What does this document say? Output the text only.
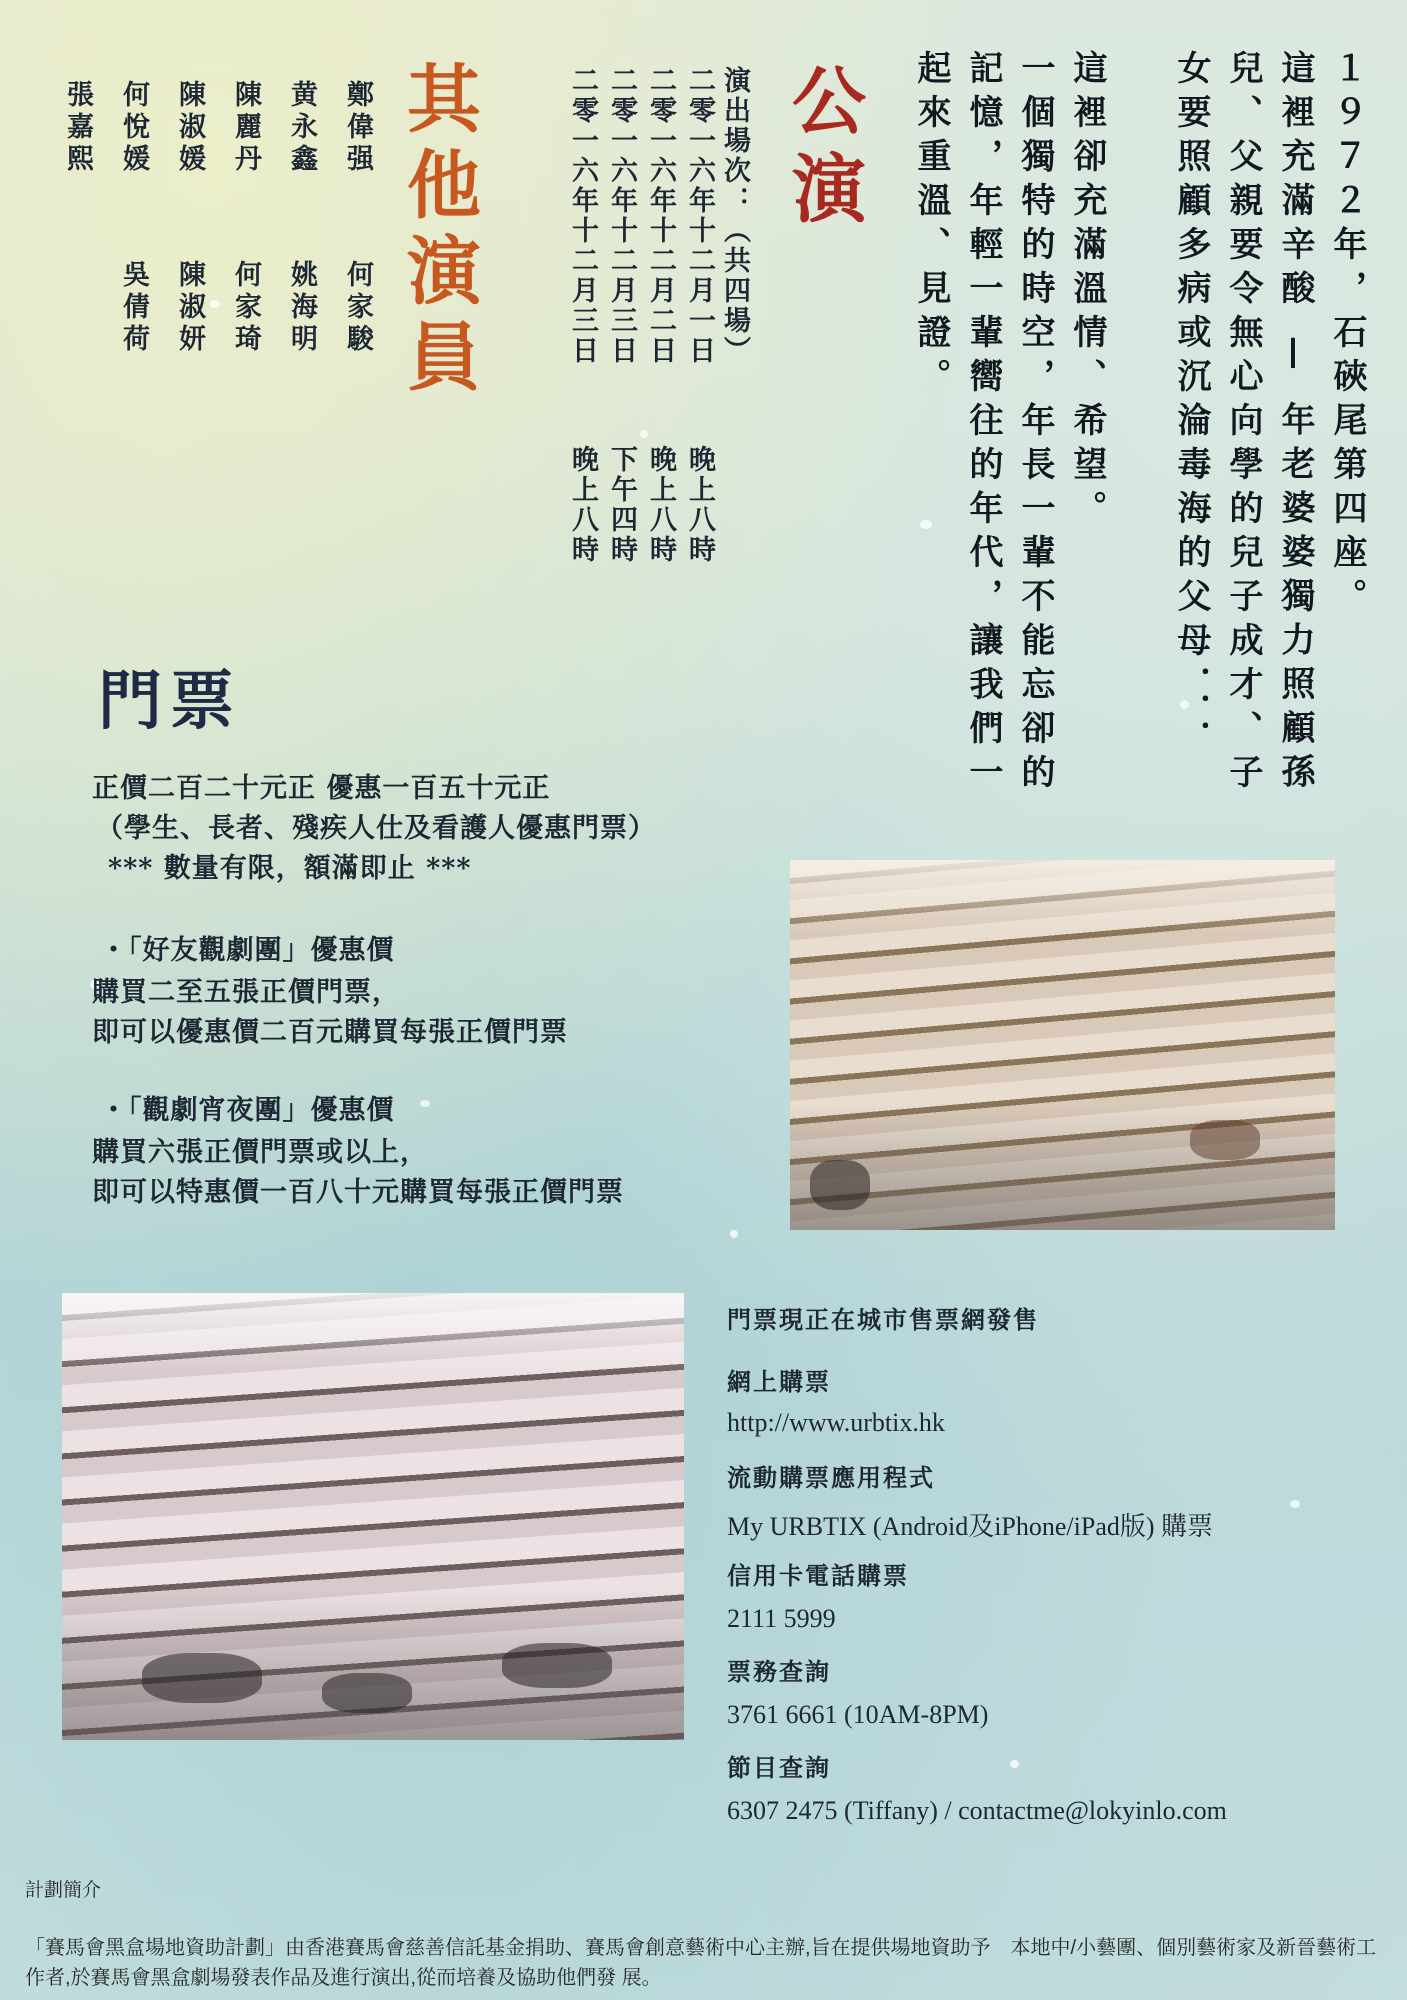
１９７２年，石硤尾第四座。
這裡充滿辛酸 — 年老婆婆獨力照顧孫
兒、父親要令無心向學的兒子成才、子
女要照顧多病或沉淪毒海的父母．．．
這裡卻充滿溫情、希望。
一個獨特的時空，年長一輩不能忘卻的
記憶，年輕一輩嚮往的年代，讓我們一
起來重溫、見證。
公演
演出場次：（共四場）
二零一六年十二月一日
二零一六年十二月二日
二零一六年十二月三日
二零一六年十二月三日
晚上八時
晚上八時
下午四時
晚上八時
其他演員
鄭偉强
黄永鑫
陳麗丹
陳淑媛
何悅媛
張嘉熙
何家駿
姚海明
何家琦
陳淑妍
吳倩荷
門票
正價二百二十元正 優惠一百五十元正
（學生、長者、殘疾人仕及看護人優惠門票）
*** 數量有限，額滿即止 ***
・「好友觀劇團」優惠價
購買二至五張正價門票，
即可以優惠價二百元購買每張正價門票
・「觀劇宵夜團」優惠價
購買六張正價門票或以上，
即可以特惠價一百八十元購買每張正價門票
門票現正在城市售票網發售
網上購票
http://www.urbtix.hk
流動購票應用程式
My URBTIX (Android及iPhone/iPad版) 購票
信用卡電話購票
2111 5999
票務查詢
3761 6661 (10AM-8PM)
節目查詢
6307 2475 (Tiffany) / contactme@lokyinlo.com
計劃簡介
「賽馬會黑盒場地資助計劃」由香港賽馬會慈善信託基金捐助、賽馬會創意藝術中心主辦,旨在提供場地資助予　本地中/小藝團、個別藝術家及新晉藝術工作者,於賽馬會黑盒劇場發表作品及進行演出,從而培養及協助他們發 展。
